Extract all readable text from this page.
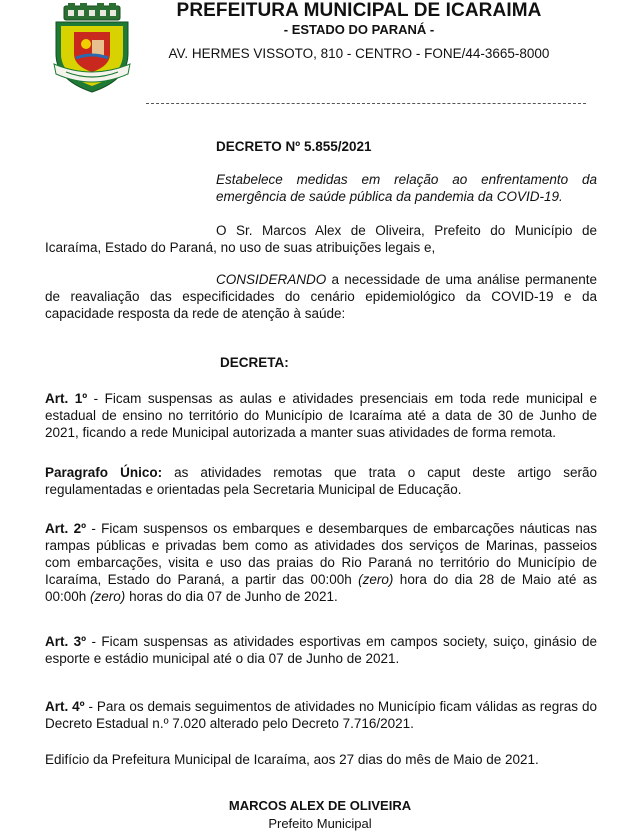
PREFEITURA MUNICIPAL DE ICARAIMA
- ESTADO DO PARANÁ -
AV. HERMES VISSOTO, 810 - CENTRO - FONE/44-3665-8000
DECRETO Nº 5.855/2021
Estabelece medidas em relação ao enfrentamento da emergência de saúde pública da pandemia da COVID-19.
O Sr. Marcos Alex de Oliveira, Prefeito do Município de Icaraíma, Estado do Paraná, no uso de suas atribuições legais e,
CONSIDERANDO a necessidade de uma análise permanente de reavaliação das especificidades do cenário epidemiológico da COVID-19 e da capacidade resposta da rede de atenção à saúde:
DECRETA:
Art. 1º - Ficam suspensas as aulas e atividades presenciais em toda rede municipal e estadual de ensino no território do Município de Icaraíma até a data de 30 de Junho de 2021, ficando a rede Municipal autorizada a manter suas atividades de forma remota.
Paragrafo Único: as atividades remotas que trata o caput deste artigo serão regulamentadas e orientadas pela Secretaria Municipal de Educação.
Art. 2º - Ficam suspensos os embarques e desembarques de embarcações náuticas nas rampas públicas e privadas bem como as atividades dos serviços de Marinas, passeios com embarcações, visita e uso das praias do Rio Paraná no território do Município de Icaraíma, Estado do Paraná, a partir das 00:00h (zero) hora do dia 28 de Maio até as 00:00h (zero) horas do dia 07 de Junho de 2021.
Art. 3º - Ficam suspensas as atividades esportivas em campos society, suiço, ginásio de esporte e estádio municipal até o dia 07 de Junho de 2021.
Art. 4º - Para os demais seguimentos de atividades no Município ficam válidas as regras do Decreto Estadual n.º 7.020 alterado pelo Decreto 7.716/2021.
Edifício da Prefeitura Municipal de Icaraíma, aos 27 dias do mês de Maio de 2021.
MARCOS ALEX DE OLIVEIRA
Prefeito Municipal
